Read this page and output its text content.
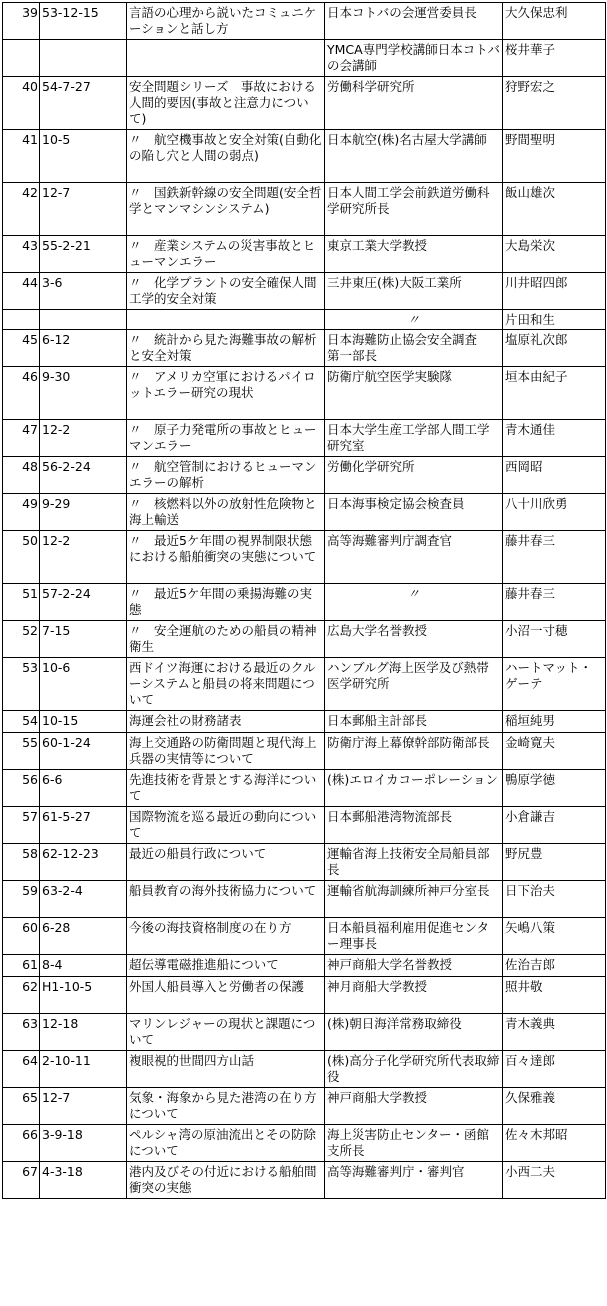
39	53-12-15	言語の心理から説いたコミュニケーションと話し方	日本コトバの会運営委員長	大久保忠利
			YMCA専門学校講師日本コトバの会講師	桜井華子
40	54-7-27	安全問題シリーズ　事故における人間的要因(事故と注意力について)	労働科学研究所	狩野宏之
41	10-5	〃　航空機事故と安全対策(自動化の陥し穴と人間の弱点)	日本航空(株)名古屋大学講師	野間聖明
42	12-7	〃　国鉄新幹線の安全問題(安全哲学とマンマシンシステム)	日本人間工学会前鉄道労働科学研究所長	飯山雄次
43	55-2-21	〃　産業システムの災害事故とヒューマンエラー	東京工業大学教授	大島栄次
44	3-6	〃　化学プラントの安全確保人間工学的安全対策	三井東圧(株)大阪工業所	川井昭四郎
			〃	片田和生
45	6-12	〃　統計から見た海難事故の解析と安全対策	日本海難防止協会安全調査　第一部長	塩原礼次郎
46	9-30	〃　アメリカ空軍におけるパイロットエラー研究の現状	防衛庁航空医学実験隊	垣本由紀子
47	12-2	〃　原子力発電所の事故とヒューマンエラー	日本大学生産工学部人間工学研究室	青木通佳
48	56-2-24	〃　航空管制におけるヒューマンエラーの解析	労働化学研究所	西岡昭
49	9-29	〃　核燃料以外の放射性危険物と海上輸送	日本海事検定協会検査員	八十川欣勇
50	12-2	〃　最近5ケ年間の視界制限状態における船舶衝突の実態について	高等海難審判庁調査官	藤井春三
51	57-2-24	〃　最近5ケ年間の乗揚海難の実態	〃	藤井春三
52	7-15	〃　安全運航のための船員の精神衛生	広島大学名誉教授	小沼一寸穂
53	10-6	西ドイツ海運における最近のクルーシステムと船員の将来問題について	ハンブルグ海上医学及び熱帯医学研究所	ハートマット・ゲーテ
54	10-15	海運会社の財務諸表	日本郵船主計部長	稲垣純男
55	60-1-24	海上交通路の防衛問題と現代海上兵器の実情等について	防衛庁海上幕僚幹部防衛部長	金崎寛夫
56	6-6	先進技術を背景とする海洋について	(株)エロイカコーポレーション	鴨原学徳
57	61-5-27	国際物流を巡る最近の動向について	日本郵船港湾物流部長	小倉謙吉
58	62-12-23	最近の船員行政について	運輸省海上技術安全局船員部長	野尻豊
59	63-2-4	船員教育の海外技術協力について	運輸省航海訓練所神戸分室長	日下治夫
60	6-28	今後の海技資格制度の在り方	日本船員福利雇用促進センター理事長	矢嶋八策
61	8-4	超伝導電磁推進船について	神戸商船大学名誉教授	佐治吉郎
62	H1-10-5	外国人船員導入と労働者の保護	神月商船大学教授	照井敬
63	12-18	マリンレジャーの現状と課題について	(株)朝日海洋常務取締役	青木義典
64	2-10-11	複眼視的世間四方山話	(株)高分子化学研究所代表取締役	百々達郎
65	12-7	気象・海象から見た港湾の在り方について	神戸商船大学教授	久保雅義
66	3-9-18	ペルシャ湾の原油流出とその防除について	海上災害防止センター・函館支所長	佐々木邦昭
67	4-3-18	港内及びその付近における船舶間衝突の実態	高等海難審判庁・審判官	小西二夫
